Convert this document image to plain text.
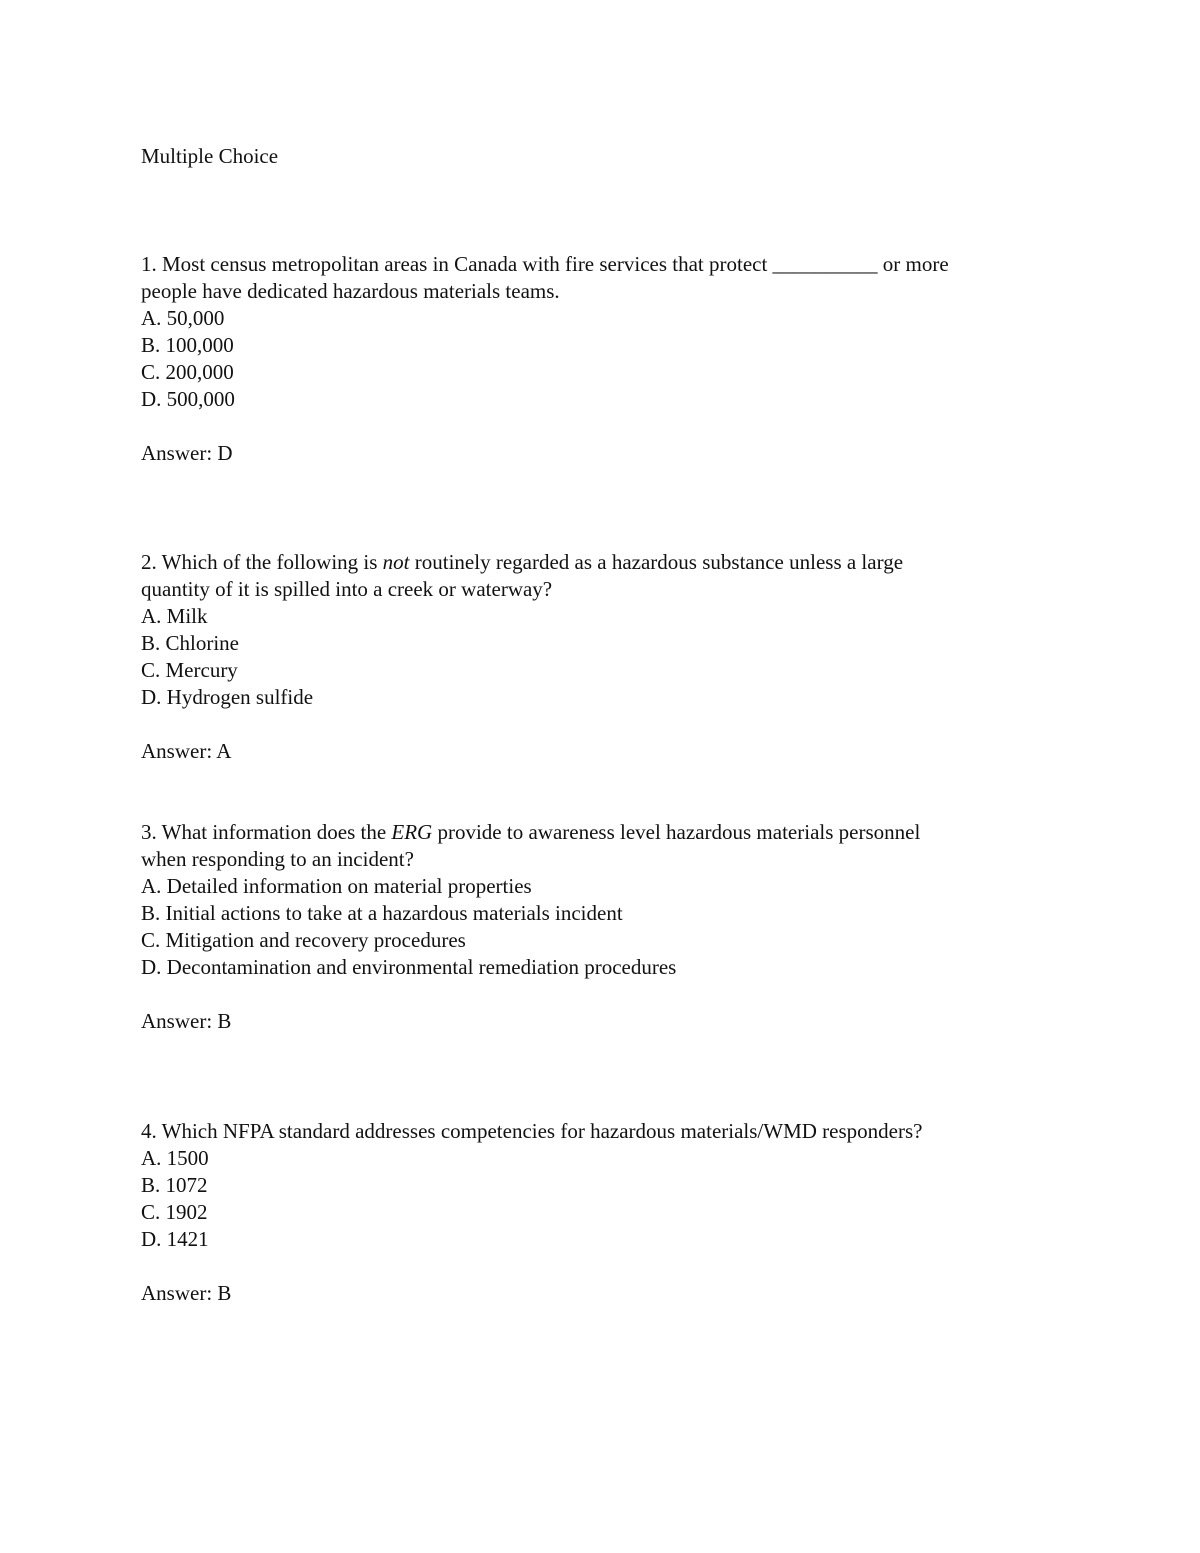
Multiple Choice
1. Most census metropolitan areas in Canada with fire services that protect __________ or more
people have dedicated hazardous materials teams.
A. 50,000
B. 100,000
C. 200,000
D. 500,000
Answer: D
2. Which of the following is not routinely regarded as a hazardous substance unless a large
quantity of it is spilled into a creek or waterway?
A. Milk
B. Chlorine
C. Mercury
D. Hydrogen sulfide
Answer: A
3. What information does the ERG provide to awareness level hazardous materials personnel
when responding to an incident?
A. Detailed information on material properties
B. Initial actions to take at a hazardous materials incident
C. Mitigation and recovery procedures
D. Decontamination and environmental remediation procedures
Answer: B
4. Which NFPA standard addresses competencies for hazardous materials/WMD responders?
A. 1500
B. 1072
C. 1902
D. 1421
Answer: B
